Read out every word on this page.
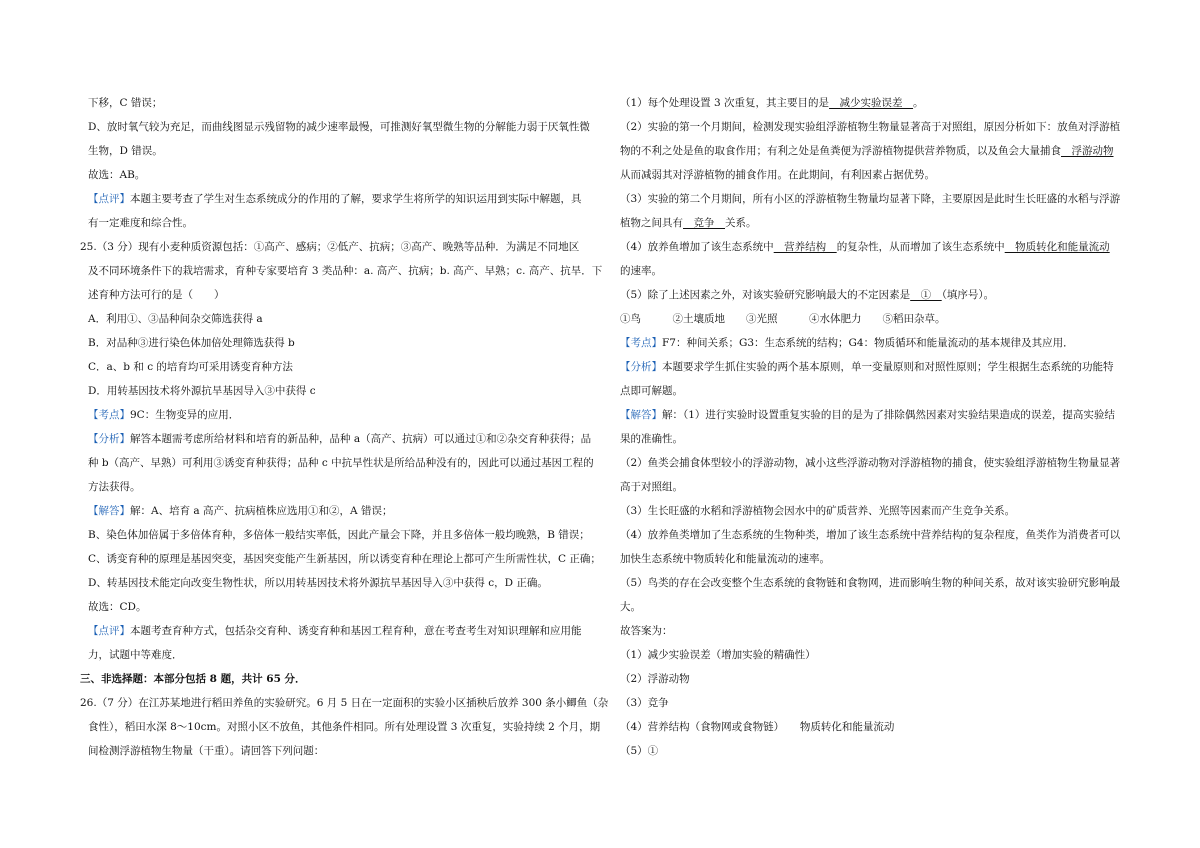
下移，C 错误；
D、放时氧气较为充足，而曲线图显示残留物的减少速率最慢，可推测好氧型微生物的分解能力弱于厌氧性微
生物，D 错误。
故选：AB。
【点评】本题主要考查了学生对生态系统成分的作用的了解，要求学生将所学的知识运用到实际中解题，具
有一定难度和综合性。
25.（3 分）现有小麦种质资源包括：①高产、感病；②低产、抗病；③高产、晚熟等品种．为满足不同地区
及不同环境条件下的栽培需求，育种专家要培育 3 类品种：a. 高产、抗病；b. 高产、早熟；c. 高产、抗旱．下
述育种方法可行的是（　　）
A．利用①、③品种间杂交筛选获得 a
B．对品种③进行染色体加倍处理筛选获得 b
C．a、b 和 c 的培育均可采用诱变育种方法
D．用转基因技术将外源抗旱基因导入③中获得 c
【考点】9C：生物变异的应用．
【分析】解答本题需考虑所给材料和培育的新品种，品种 a（高产、抗病）可以通过①和②杂交育种获得；品
种 b（高产、早熟）可利用③诱变育种获得；品种 c 中抗旱性状是所给品种没有的，因此可以通过基因工程的
方法获得。
【解答】解：A、培育 a 高产、抗病植株应选用①和②，A 错误；
B、染色体加倍属于多倍体育种，多倍体一般结实率低，因此产量会下降，并且多倍体一般均晚熟，B 错误；
C、诱变育种的原理是基因突变，基因突变能产生新基因，所以诱变育种在理论上都可产生所需性状，C 正确；
D、转基因技术能定向改变生物性状，所以用转基因技术将外源抗旱基因导入③中获得 c，D 正确。
故选：CD。
【点评】本题考查育种方式，包括杂交育种、诱变育种和基因工程育种，意在考查考生对知识理解和应用能
力，试题中等难度．
三、非选择题：本部分包括 8 题，共计 65 分．
26.（7 分）在江苏某地进行稻田养鱼的实验研究。6 月 5 日在一定面积的实验小区插秧后放养 300 条小鲫鱼（杂
食性），稻田水深 8～10cm。对照小区不放鱼，其他条件相同。所有处理设置 3 次重复，实验持续 2 个月，期
间检测浮游植物生物量（干重）。请回答下列问题：
（1）每个处理设置 3 次重复，其主要目的是　减少实验误差　。
（2）实验的第一个月期间，检测发现实验组浮游植物生物量显著高于对照组，原因分析如下：放鱼对浮游植
物的不利之处是鱼的取食作用；有利之处是鱼粪便为浮游植物提供营养物质，以及鱼会大量捕食　浮游动物
从而减弱其对浮游植物的捕食作用。在此期间，有利因素占据优势。
（3）实验的第二个月期间，所有小区的浮游植物生物量均显著下降，主要原因是此时生长旺盛的水稻与浮游
植物之间具有　竞争　关系。
（4）放养鱼增加了该生态系统中　营养结构　的复杂性，从而增加了该生态系统中　物质转化和能量流动
的速率。
（5）除了上述因素之外，对该实验研究影响最大的不定因素是　①　（填序号）。
①鸟　　　②土壤质地　　③光照　　　④水体肥力　　⑤稻田杂草。
【考点】F7：种间关系；G3：生态系统的结构；G4：物质循环和能量流动的基本规律及其应用．
【分析】本题要求学生抓住实验的两个基本原则，单一变量原则和对照性原则；学生根据生态系统的功能特
点即可解题。
【解答】解：（1）进行实验时设置重复实验的目的是为了排除偶然因素对实验结果造成的误差，提高实验结
果的准确性。
（2）鱼类会捕食体型较小的浮游动物，减小这些浮游动物对浮游植物的捕食，使实验组浮游植物生物量显著
高于对照组。
（3）生长旺盛的水稻和浮游植物会因水中的矿质营养、光照等因素而产生竞争关系。
（4）放养鱼类增加了生态系统的生物种类，增加了该生态系统中营养结构的复杂程度，鱼类作为消费者可以
加快生态系统中物质转化和能量流动的速率。
（5）鸟类的存在会改变整个生态系统的食物链和食物网，进而影响生物的种间关系，故对该实验研究影响最
大。
故答案为：
（1）减少实验误差（增加实验的精确性）
（2）浮游动物
（3）竞争
（4）营养结构（食物网或食物链）　　物质转化和能量流动
（5）①
